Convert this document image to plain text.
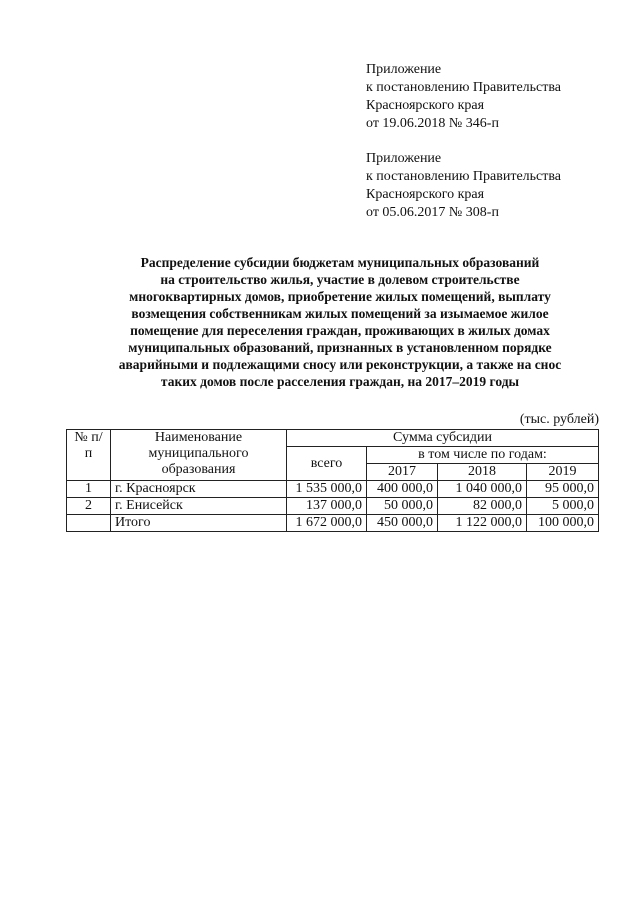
Приложение
к постановлению Правительства
Красноярского края
от 19.06.2018 № 346-п
Приложение
к постановлению Правительства
Красноярского края
от 05.06.2017 № 308-п
Распределение субсидии бюджетам муниципальных образований
на строительство жилья, участие в долевом строительстве
многоквартирных домов, приобретение жилых помещений, выплату
возмещения собственникам жилых помещений за изымаемое жилое
помещение для переселения граждан, проживающих в жилых домах
муниципальных образований, признанных в установленном порядке
аварийными и подлежащими сносу или реконструкции, а также на снос
таких домов после расселения граждан, на 2017–2019 годы
(тыс. рублей)
№ п/п	Наименование муниципального образования	Сумма субсидии			
		всего	в том числе по годам:		
			2017	2018	2019
1	г. Красноярск	1 535 000,0	400 000,0	1 040 000,0	95 000,0
2	г. Енисейск	137 000,0	50 000,0	82 000,0	5 000,0
	Итого	1 672 000,0	450 000,0	1 122 000,0	100 000,0
